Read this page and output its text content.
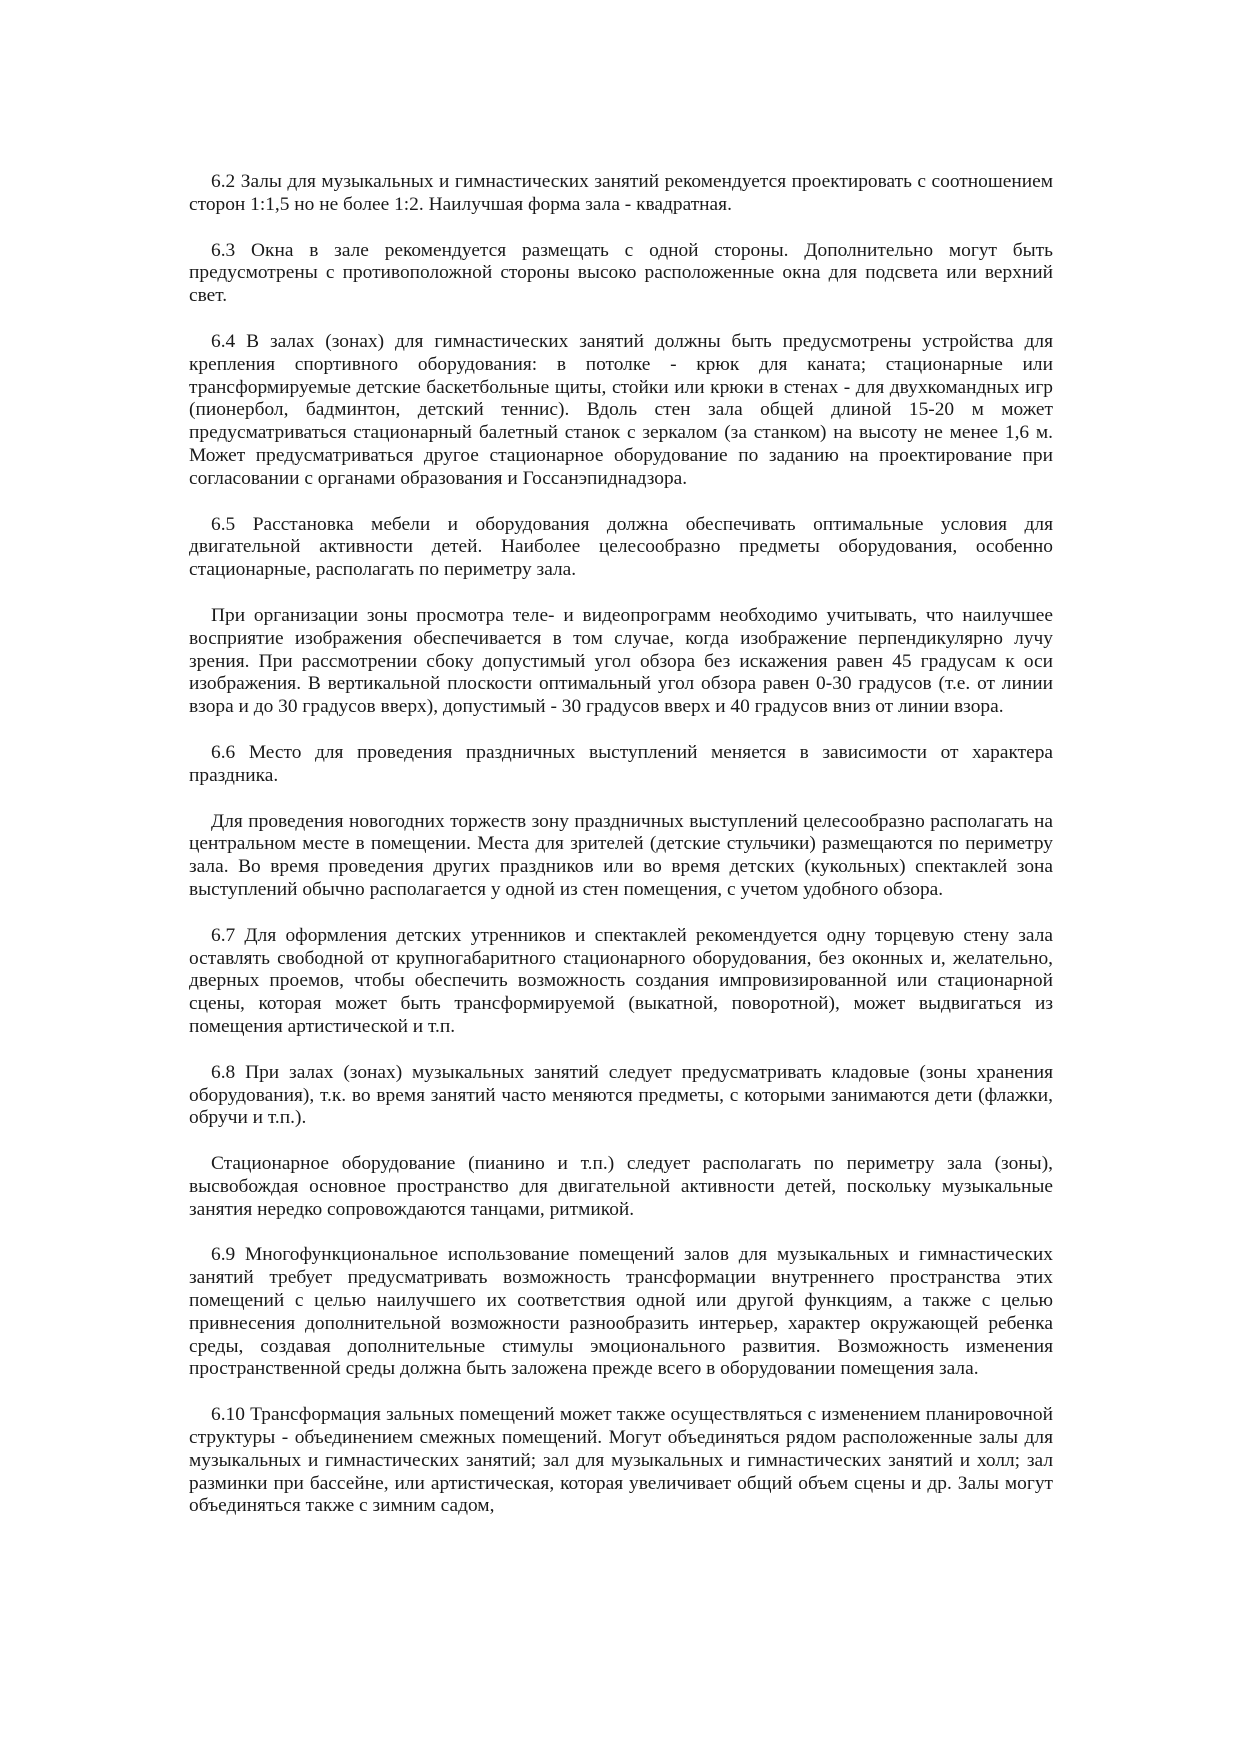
6.2 Залы для музыкальных и гимнастических занятий рекомендуется проектировать с соотношением сторон 1:1,5 но не более 1:2. Наилучшая форма зала - квадратная.

6.3 Окна в зале рекомендуется размещать с одной стороны. Дополнительно могут быть предусмотрены с противоположной стороны высоко расположенные окна для подсвета или верхний свет.

6.4 В залах (зонах) для гимнастических занятий должны быть предусмотрены устройства для крепления спортивного оборудования: в потолке - крюк для каната; стационарные или трансформируемые детские баскетбольные щиты, стойки или крюки в стенах - для двухкомандных игр (пионербол, бадминтон, детский теннис). Вдоль стен зала общей длиной 15-20 м может предусматриваться стационарный балетный станок с зеркалом (за станком) на высоту не менее 1,6 м. Может предусматриваться другое стационарное оборудование по заданию на проектирование при согласовании с органами образования и Госсанэпиднадзора.

6.5 Расстановка мебели и оборудования должна обеспечивать оптимальные условия для двигательной активности детей. Наиболее целесообразно предметы оборудования, особенно стационарные, располагать по периметру зала.

При организации зоны просмотра теле- и видеопрограмм необходимо учитывать, что наилучшее восприятие изображения обеспечивается в том случае, когда изображение перпендикулярно лучу зрения. При рассмотрении сбоку допустимый угол обзора без искажения равен 45 градусам к оси изображения. В вертикальной плоскости оптимальный угол обзора равен 0-30 градусов (т.е. от линии взора и до 30 градусов вверх), допустимый - 30 градусов вверх и 40 градусов вниз от линии взора.

6.6 Место для проведения праздничных выступлений меняется в зависимости от характера праздника.

Для проведения новогодних торжеств зону праздничных выступлений целесообразно располагать на центральном месте в помещении. Места для зрителей (детские стульчики) размещаются по периметру зала. Во время проведения других праздников или во время детских (кукольных) спектаклей зона выступлений обычно располагается у одной из стен помещения, с учетом удобного обзора.

6.7 Для оформления детских утренников и спектаклей рекомендуется одну торцевую стену зала оставлять свободной от крупногабаритного стационарного оборудования, без оконных и, желательно, дверных проемов, чтобы обеспечить возможность создания импровизированной или стационарной сцены, которая может быть трансформируемой (выкатной, поворотной), может выдвигаться из помещения артистической и т.п.

6.8 При залах (зонах) музыкальных занятий следует предусматривать кладовые (зоны хранения оборудования), т.к. во время занятий часто меняются предметы, с которыми занимаются дети (флажки, обручи и т.п.).

Стационарное оборудование (пианино и т.п.) следует располагать по периметру зала (зоны), высвобождая основное пространство для двигательной активности детей, поскольку музыкальные занятия нередко сопровождаются танцами, ритмикой.

6.9 Многофункциональное использование помещений залов для музыкальных и гимнастических занятий требует предусматривать возможность трансформации внутреннего пространства этих помещений с целью наилучшего их соответствия одной или другой функциям, а также с целью привнесения дополнительной возможности разнообразить интерьер, характер окружающей ребенка среды, создавая дополнительные стимулы эмоционального развития. Возможность изменения пространственной среды должна быть заложена прежде всего в оборудовании помещения зала.

6.10 Трансформация зальных помещений может также осуществляться с изменением планировочной структуры - объединением смежных помещений. Могут объединяться рядом расположенные залы для музыкальных и гимнастических занятий; зал для музыкальных и гимнастических занятий и холл; зал разминки при бассейне, или артистическая, которая увеличивает общий объем сцены и др. Залы могут объединяться также с зимним садом,
